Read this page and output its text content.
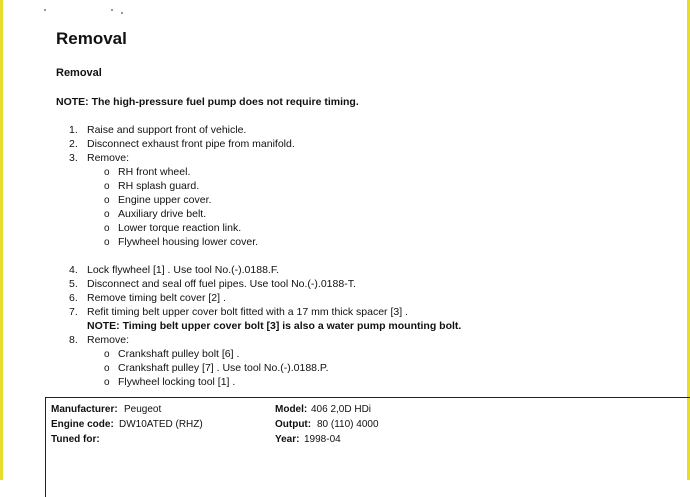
Removal
Removal

NOTE: The high-pressure fuel pump does not require timing.

1. Raise and support front of vehicle.
2. Disconnect exhaust front pipe from manifold.
3. Remove:
o RH front wheel.
o RH splash guard.
o Engine upper cover.
o Auxiliary drive belt.
o Lower torque reaction link.
o Flywheel housing lower cover.
4. Lock flywheel [1] . Use tool No.(-).0188.F.
5. Disconnect and seal off fuel pipes. Use tool No.(-).0188-T.
6. Remove timing belt cover [2] .
7. Refit timing belt upper cover bolt fitted with a 17 mm thick spacer [3] .
NOTE: Timing belt upper cover bolt [3] is also a water pump mounting bolt.
8. Remove:
o Crankshaft pulley bolt [6] .
o Crankshaft pulley [7] . Use tool No.(-).0188.P.
o Flywheel locking tool [1] .
Manufacturer: Peugeot
Engine code: DW10ATED (RHZ)
Tuned for:
Model: 406 2,0D HDi
Output: 80 (110) 4000
Year: 1998-04
